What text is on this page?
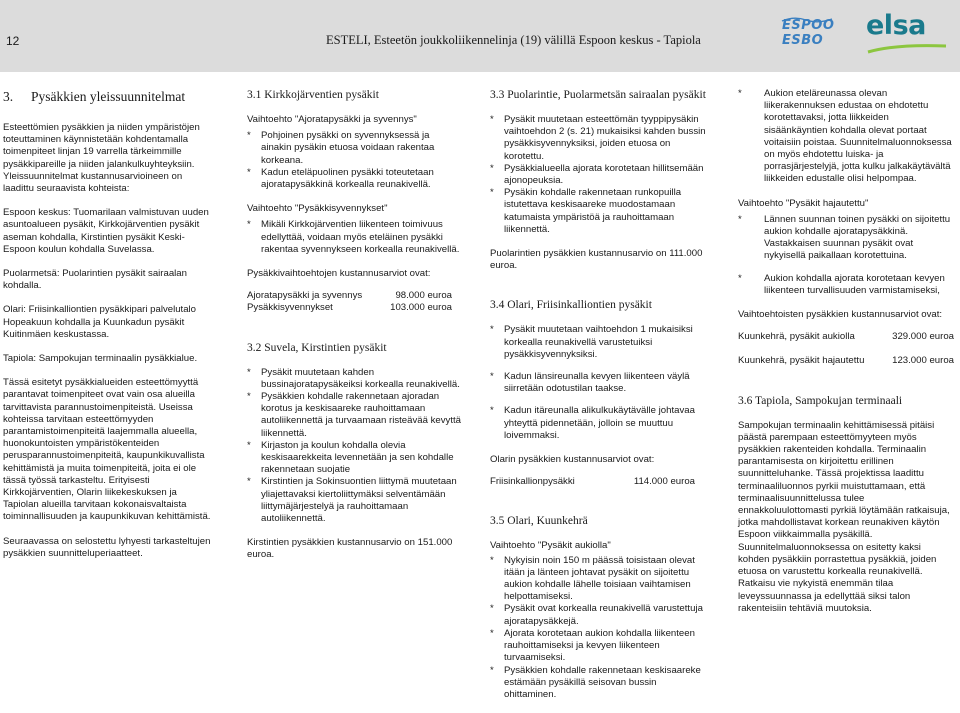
12	ESTELI, Esteetön joukkoliikennelinja (19) välillä Espoon keskus - Tapiola
ESPOO
ESBO elsa
3.	Pysäkkien yleissuunnitelmat

Esteettömien pysäkkien ja niiden ympäristöjen toteuttaminen käynnistetään kohdentamalla toimenpiteet linjan 19 varrella tärkeimmille pysäkkipareille ja niiden jalankulkuyhteyksiin. Yleissuunnitelmat kustannusarvioineen on laadittu seuraavista kohteista:

Espoon keskus: Tuomarilaan valmistuvan uuden asuntoalueen pysäkit, Kirkkojärventien pysäkit aseman kohdalla, Kirstintien pysäkit Keski-Espoon koulun kohdalla Suvelassa.

Puolarmetsä: Puolarintien pysäkit sairaalan kohdalla.

Olari: Friisinkalliontien pysäkkipari palvelutalo Hopeakuun kohdalla ja Kuunkadun pysäkit Kuitinmäen keskustassa.

Tapiola: Sampokujan terminaalin pysäkkialue.

Tässä esitetyt pysäkkialueiden esteettömyyttä parantavat toimenpiteet ovat vain osa alueilla tarvittavista parannustoimenpiteistä. Useissa kohteissa tarvitaan esteettömyyden parantamistoimenpiteitä laajemmalla alueella, huonokuntoisten ympäristökenteiden perusparannustoimenpiteitä, kaupunkikuvallista kehittämistä ja muita toimenpiteitä, joita ei ole tässä työssä tarkasteltu. Erityisesti Kirkkojärventien, Olarin liikekeskuksen ja Tapiolan alueilla tarvitaan kokonaisvaltaista toiminnallisuuden ja kaupunkikuvan kehittämistä.

Seuraavassa on selostettu lyhyesti tarkasteltujen pysäkkien suunnitteluperiaatteet.

3.1 Kirkkojärventien pysäkit
Vaihtoehto "Ajoratapysäkki ja syvennys"
*	Pohjoinen pysäkki on syvennyksessä ja ainakin pysäkin etuosa voidaan rakentaa korkeana.
*	Kadun eteläpuolinen pysäkki toteutetaan ajoratapysäkkinä korkealla reunakivellä.
Vaihtoehto "Pysäkkisyvennykset"
*	Mikäli Kirkkojärventien liikenteen toimivuus edellyttää, voidaan myös eteläinen pysäkki rakentaa syvennykseen korkealla reunakivellä.
Pysäkkivaihtoehtojen kustannusarviot ovat:
Ajoratapysäkki ja syvennys	98.000 euroa
Pysäkkisyvennykset	103.000 euroa
3.2 Suvela, Kirstintien pysäkit
*	Pysäkit muutetaan kahden bussinajoratapysäkeiksi korkealla reunakivellä.
*	Pysäkkien kohdalle rakennetaan ajoradan korotus ja keskisaareke rauhoittamaan autoliikennettä ja turvaamaan risteävää kevyttä liikennettä.
*	Kirjaston ja koulun kohdalla olevia keskisaarekkeita levennetään ja sen kohdalle rakennetaan suojatie
*	Kirstintien ja Sokinsuontien liittymä muutetaan yliajettavaksi kiertoliittymäksi selventämään liittymäjärjestelyä ja rauhoittamaan autoliikennettä.

Kirstintien pysäkkien kustannusarvio on 151.000 euroa.

3.3 Puolarintie, Puolarmetsän sairaalan pysäkit
*	Pysäkit muutetaan esteettömän tyyppipysäkin vaihtoehdon 2 (s. 21) mukaisiksi kahden bussin pysäkkisyvennyksiksi, joiden etuosa on korotettu.
*	Pysäkkialueella ajorata korotetaan hillitsemään ajonopeuksia.
*	Pysäkin kohdalle rakennetaan runkopuilla istutettava keskisaareke muodostamaan katumaista ympäristöä ja rauhoittamaan liikennettä.

Puolarintien pysäkkien kustannusarvio on 111.000 euroa.

3.4 Olari, Friisinkalliontien pysäkit
*	Pysäkit muutetaan vaihtoehdon 1 mukaisiksi korkealla reunakivellä varustetuiksi pysäkkisyvennyksiksi.
*	Kadun länsireunalla kevyen liikenteen väylä siirretään odotustilan taakse.
*	Kadun itäreunalla alikulkukäytävälle johtavaa yhteyttä pidennetään, jolloin se muuttuu loivemmaksi.
Olarin pysäkkien kustannusarviot ovat:
Friisinkallionpysäkki	114.000 euroa
3.5 Olari, Kuunkehrä
Vaihtoehto "Pysäkit aukiolla"
*	Nykyisin noin 150 m päässä toisistaan olevat itään ja länteen johtavat pysäkit on sijoitettu aukion kohdalle lähelle toisiaan vaihtamisen helpottamiseksi.
*	Pysäkit ovat korkealla reunakivellä varustettuja ajoratapysäkkejä.
*	Ajorata korotetaan aukion kohdalla liikenteen rauhoittamiseksi ja kevyen liikenteen turvaamiseksi.
*	Pysäkkien kohdalle rakennetaan keskisaareke estämään pysäkillä seisovan bussin ohittaminen.
*	Aukion eteläreunassa olevan liikerakennuksen edustaa on ehdotettu korotettavaksi, jotta liikkeiden sisäänkäyntien kohdalla olevat portaat voitaisiin poistaa. Suunnitelmaluonnoksessa on myös ehdotettu luiska- ja porrasjärjestelyjä, jotta kulku jalkakäytävältä liikkeiden edustalle olisi helpompaa.
Vaihtoehto "Pysäkit hajautettu"
*	Lännen suunnan toinen pysäkki on sijoitettu aukion kohdalle ajoratapysäkkinä. Vastakkaisen suunnan pysäkit ovat nykyisellä paikallaan korotettuina.
*	Aukion kohdalla ajorata korotetaan kevyen liikenteen turvallisuuden varmistamiseksi,
Vaihtoehtoisten pysäkkien kustannusarviot ovat:
Kuunkehrä, pysäkit aukiolla	329.000 euroa
Kuunkehrä, pysäkit hajautettu	123.000 euroa
3.6 Tapiola, Sampokujan terminaali

Sampokujan terminaalin kehittämisessä pitäisi päästä parempaan esteettömyyteen myös pysäkkien rakenteiden kohdalla. Terminaalin parantamisesta on kirjoitettu erillinen suunnitteluhanke. Tässä projektissa laadittu terminaaliluonnos pyrkii muistuttamaan, että terminaalisuunnittelussa tulee ennakkoluulottomasti pyrkiä löytämään ratkaisuja, jotka mahdollistavat korkean reunakiven käytön Espoon viikkaimmalla pysäkillä. Suunnitelmaluonnoksessa on esitetty kaksi kohden pysäkkiin porrastettua pysäkkiä, joiden etuosa on varustettu korkealla reunakivellä. Ratkaisu vie nykyistä enemmän tilaa leveyssuunnassa ja edellyttää siksi talon rakenteisiin tehtäviä muutoksia.
